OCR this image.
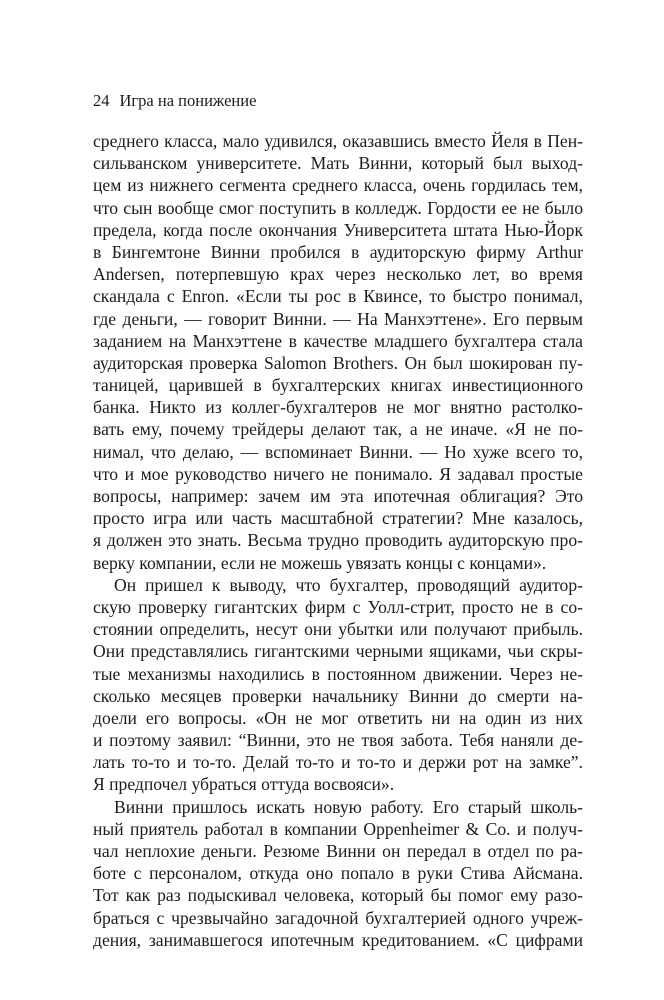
24 Игра на понижение
среднего класса, мало удивился, оказавшись вместо Йеля в Пен-
сильванском университете. Мать Винни, который был выход-
цем из нижнего сегмента среднего класса, очень гордилась тем,
что сын вообще смог поступить в колледж. Гордости ее не было
предела, когда после окончания Университета штата Нью-Йорк
в Бингемтоне Винни пробился в аудиторскую фирму Arthur
Andersen, потерпевшую крах через несколько лет, во время
скандала с Enron. «Если ты рос в Квинсе, то быстро понимал,
где деньги, — говорит Винни. — На Манхэттене». Его первым
заданием на Манхэттене в качестве младшего бухгалтера стала
аудиторская проверка Salomon Brothers. Он был шокирован пу-
таницей, царившей в бухгалтерских книгах инвестиционного
банка. Никто из коллег-бухгалтеров не мог внятно растолко-
вать ему, почему трейдеры делают так, а не иначе. «Я не по-
нимал, что делаю, — вспоминает Винни. — Но хуже всего то,
что и мое руководство ничего не понимало. Я задавал простые
вопросы, например: зачем им эта ипотечная облигация? Это
просто игра или часть масштабной стратегии? Мне казалось,
я должен это знать. Весьма трудно проводить аудиторскую про-
верку компании, если не можешь увязать концы с концами».
Он пришел к выводу, что бухгалтер, проводящий аудитор-
скую проверку гигантских фирм с Уолл-стрит, просто не в со-
стоянии определить, несут они убытки или получают прибыль.
Они представлялись гигантскими черными ящиками, чьи скры-
тые механизмы находились в постоянном движении. Через не-
сколько месяцев проверки начальнику Винни до смерти на-
доели его вопросы. «Он не мог ответить ни на один из них
и поэтому заявил: “Винни, это не твоя забота. Тебя наняли де-
лать то-то и то-то. Делай то-то и то-то и держи рот на замке”.
Я предпочел убраться оттуда восвояси».
Винни пришлось искать новую работу. Его старый школь-
ный приятель работал в компании Oppenheimer & Co. и получ-
чал неплохие деньги. Резюме Винни он передал в отдел по ра-
боте с персоналом, откуда оно попало в руки Стива Айсмана.
Тот как раз подыскивал человека, который бы помог ему разо-
браться с чрезвычайно загадочной бухгалтерией одного учреж-
дения, занимавшегося ипотечным кредитованием. «С цифрами
